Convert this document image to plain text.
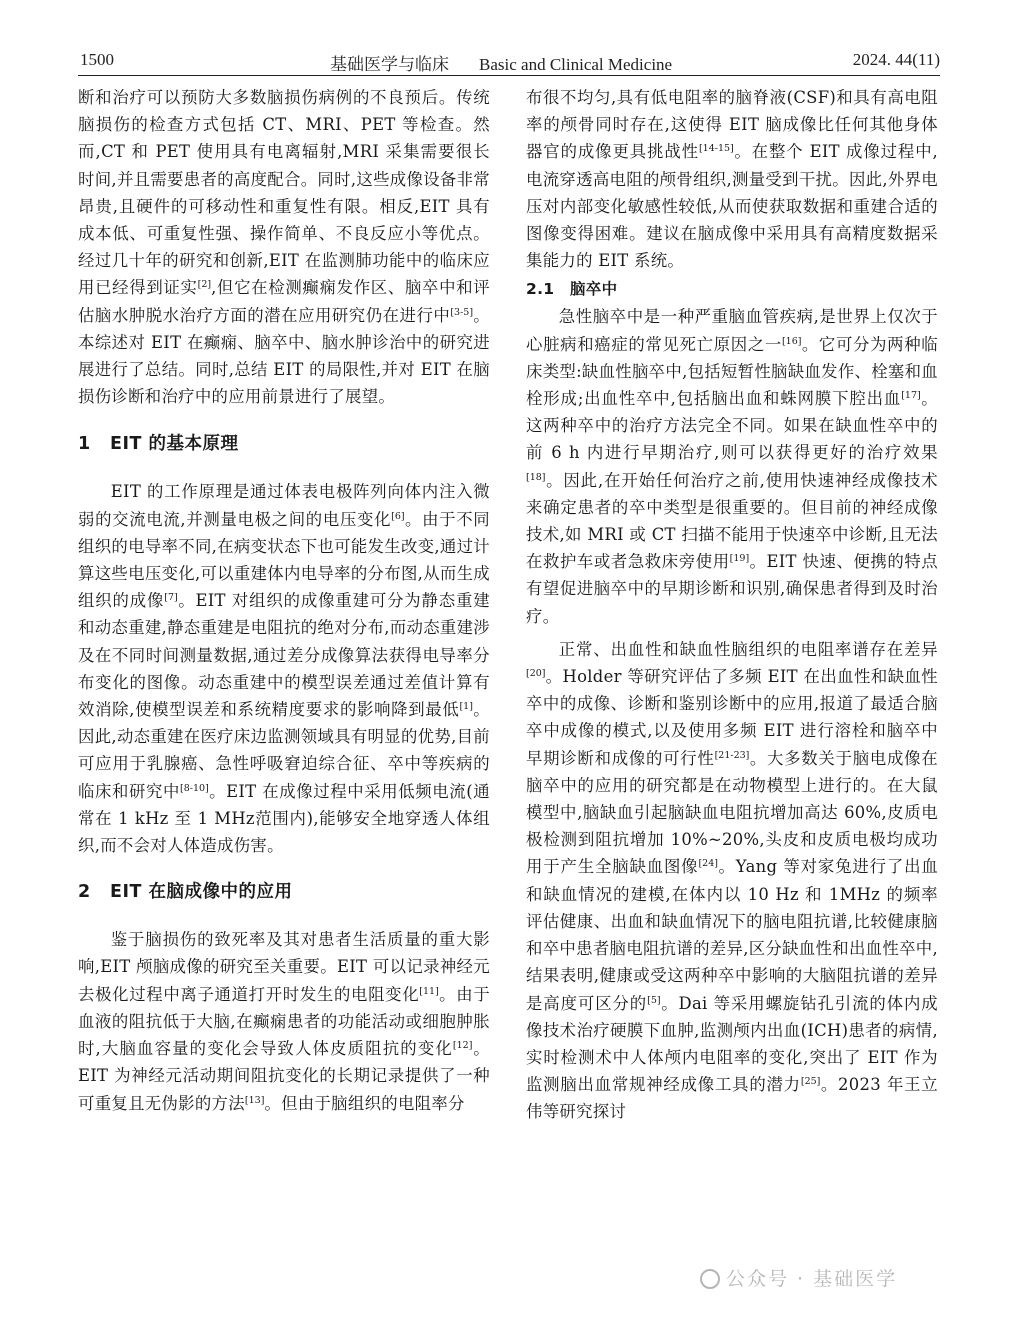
1500	基础医学与临床 Basic and Clinical Medicine	2024. 44(11)

断和治疗可以预防大多数脑损伤病例的不良预后。传统脑损伤的检查方式包括 CT、MRI、PET 等检查。然而,CT 和 PET 使用具有电离辐射,MRI 采集需要很长时间,并且需要患者的高度配合。同时,这些成像设备非常昂贵,且硬件的可移动性和重复性有限。相反,EIT 具有成本低、可重复性强、操作简单、不良反应小等优点。经过几十年的研究和创新,EIT 在监测肺功能中的临床应用已经得到证实[2],但它在检测癫痫发作区、脑卒中和评估脑水肿脱水治疗方面的潜在应用研究仍在进行中[3-5]。本综述对 EIT 在癫痫、脑卒中、脑水肿诊治中的研究进展进行了总结。同时,总结 EIT 的局限性,并对 EIT 在脑损伤诊断和治疗中的应用前景进行了展望。

1 EIT 的基本原理

EIT 的工作原理是通过体表电极阵列向体内注入微弱的交流电流,并测量电极之间的电压变化[6]。由于不同组织的电导率不同,在病变状态下也可能发生改变,通过计算这些电压变化,可以重建体内电导率的分布图,从而生成组织的成像[7]。EIT 对组织的成像重建可分为静态重建和动态重建,静态重建是电阻抗的绝对分布,而动态重建涉及在不同时间测量数据,通过差分成像算法获得电导率分布变化的图像。动态重建中的模型误差通过差值计算有效消除,使模型误差和系统精度要求的影响降到最低[1]。因此,动态重建在医疗床边监测领域具有明显的优势,目前可应用于乳腺癌、急性呼吸窘迫综合征、卒中等疾病的临床和研究中[8-10]。EIT 在成像过程中采用低频电流(通常在 1 kHz 至 1 MHz范围内),能够安全地穿透人体组织,而不会对人体造成伤害。

2 EIT 在脑成像中的应用

鉴于脑损伤的致死率及其对患者生活质量的重大影响,EIT 颅脑成像的研究至关重要。EIT 可以记录神经元去极化过程中离子通道打开时发生的电阻变化[11]。由于血液的阻抗低于大脑,在癫痫患者的功能活动或细胞肿胀时,大脑血容量的变化会导致人体皮质阻抗的变化[12]。EIT 为神经元活动期间阻抗变化的长期记录提供了一种可重复且无伪影的方法[13]。但由于脑组织的电阻率分

布很不均匀,具有低电阻率的脑脊液(CSF)和具有高电阻率的颅骨同时存在,这使得 EIT 脑成像比任何其他身体器官的成像更具挑战性[14-15]。在整个 EIT 成像过程中,电流穿透高电阻的颅骨组织,测量受到干扰。因此,外界电压对内部变化敏感性较低,从而使获取数据和重建合适的图像变得困难。建议在脑成像中采用具有高精度数据采集能力的 EIT 系统。

2.1 脑卒中

急性脑卒中是一种严重脑血管疾病,是世界上仅次于心脏病和癌症的常见死亡原因之一[16]。它可分为两种临床类型:缺血性脑卒中,包括短暂性脑缺血发作、栓塞和血栓形成;出血性卒中,包括脑出血和蛛网膜下腔出血[17]。这两种卒中的治疗方法完全不同。如果在缺血性卒中的前 6 h 内进行早期治疗,则可以获得更好的治疗效果[18]。因此,在开始任何治疗之前,使用快速神经成像技术来确定患者的卒中类型是很重要的。但目前的神经成像技术,如 MRI 或 CT 扫描不能用于快速卒中诊断,且无法在救护车或者急救床旁使用[19]。EIT 快速、便携的特点有望促进脑卒中的早期诊断和识别,确保患者得到及时治疗。

正常、出血性和缺血性脑组织的电阻率谱存在差异[20]。Holder 等研究评估了多频 EIT 在出血性和缺血性卒中的成像、诊断和鉴别诊断中的应用,报道了最适合脑卒中成像的模式,以及使用多频 EIT 进行溶栓和脑卒中早期诊断和成像的可行性[21-23]。大多数关于脑电成像在脑卒中的应用的研究都是在动物模型上进行的。在大鼠模型中,脑缺血引起脑缺血电阻抗增加高达 60%,皮质电极检测到阻抗增加 10%~20%,头皮和皮质电极均成功用于产生全脑缺血图像[24]。Yang 等对家兔进行了出血和缺血情况的建模,在体内以 10 Hz 和 1MHz 的频率评估健康、出血和缺血情况下的脑电阻抗谱,比较健康脑和卒中患者脑电阻抗谱的差异,区分缺血性和出血性卒中,结果表明,健康或受这两种卒中影响的大脑阻抗谱的差异是高度可区分的[5]。Dai 等采用螺旋钻孔引流的体内成像技术治疗硬膜下血肿,监测颅内出血(ICH)患者的病情,实时检测术中人体颅内电阻率的变化,突出了 EIT 作为监测脑出血常规神经成像工具的潜力[25]。2023 年王立伟等研究探讨

公众号 · 基础医学
